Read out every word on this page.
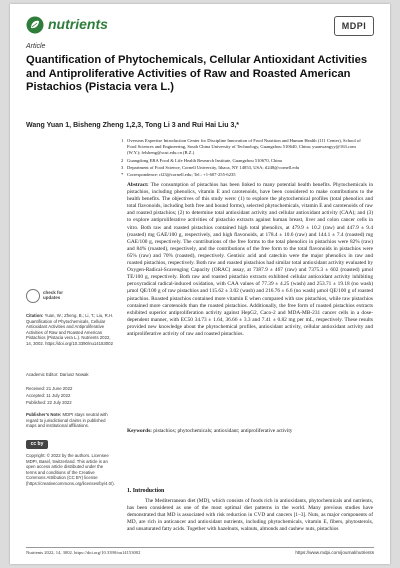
nutrients	MDPI
Article
Quantification of Phytochemicals, Cellular Antioxidant Activities and Antiproliferative Activities of Raw and Roasted American Pistachios (Pistacia vera L.)
Wang Yuan 1, Bisheng Zheng 1,2,3, Tong Li 3 and Rui Hai Liu 3,*
1 Overseas Expertise Introduction Center for Discipline Innovation of Food Nutrition and Human Health (111 Center), School of Food Sciences and Engineering, South China University of Technology, Guangzhou 510640, China; yuanwangyy@163.com (W.Y.); felsheng@scut.edu.cn (B.Z.)
2 Guangdong ERA Food & Life Health Research Institute, Guangzhou 510670, China
3 Department of Food Science, Cornell University, Ithaca, NY 14853, USA; tl248@cornell.edu
* Correspondence: rl23@cornell.edu; Tel.: +1-607-255-6235
Abstract: The consumption of pistachios has been linked to many potential health benefits. Phytochemicals in pistachios, including phenolics, vitamin E and carotenoids, have been considered to make contributions to the health benefits. The objectives of this study were: (1) to explore the phytochemical profiles (total phenolics and total flavonoids, including both free and bound forms), selected phytochemicals, vitamin E and carotenoids of raw and roasted pistachios; (2) to determine total antioxidant activity and cellular antioxidant activity (CAA); and (3) to explore antiproliferative activities of pistachio extracts against human breast, liver and colon cancer cells in vitro. Both raw and roasted pistachios contained high total phenolics, at 479.9 ± 10.2 (raw) and 447.9 ± 9.4 (roasted) mg GAE/100 g, respectively, and high flavonoids, at 178.4 ± 10.6 (raw) and 144.1 ± 7.4 (roasted) mg GAE/100 g, respectively. The contributions of the free forms to the total phenolics in pistachios were 82% (raw) and 84% (roasted), respectively, and the contributions of the free form to the total flavonoids in pistachios were 65% (raw) and 70% (roasted), respectively. Gentisic acid and catechin were the major phenolics in raw and roasted pistachios, respectively. Both raw and roasted pistachios had similar total antioxidant activity evaluated by Oxygen-Radical-Scavenging Capacity (ORAC) assay, at 7387.9 ± 467 (raw) and 7375.3 ± 602 (roasted) µmol TE/100 g, respectively. Both raw and roasted pistachio extracts exhibited cellular antioxidant activity inhibiting peroxyradical radical-induced oxidation, with CAA values of 77.39 ± 4.25 (wash) and 253.71 ± 19.18 (no wash) µmol QE/100 g of raw pistachios and 115.62 ± 3.02 (wash) and 216.76 ± 6.6 (no wash) µmol QE/100 g of roasted pistachios. Roasted pistachios contained more vitamin E when compared with raw pistachios, while raw pistachios contained more carotenoids than the roasted pistachios. Additionally, the free form of roasted pistachios extracts exhibited superior antiproliferation activity against HepG2, Caco-2 and MDA-MB-231 cancer cells in a dose-dependent manner, with EC50 34.73 ± 1.64, 36.66 ± 3.3 and 7.41 ± 0.82 mg per mL, respectively. These results provided new knowledge about the phytochemical profiles, antioxidant activity, cellular antioxidant activity and antiproliferative activity of raw and roasted pistachios.
Keywords: pistachios; phytochemicals; antioxidant; antiproliferative activity
check for updates
Citation: Yuan, W.; Zheng, B.; Li, T.; Liu, R.H. Quantification of Phytochemicals, Cellular Antioxidant Activities and Antiproliferative Activities of Raw and Roasted American Pistachios (Pistacia vera L.). Nutrients 2022, 14, 3002. https://doi.org/10.3390/nu14153002
Academic Editor: Dariusz Nowak
Received: 21 June 2022
Accepted: 11 July 2022
Published: 22 July 2022
Publisher’s Note: MDPI stays neutral with regard to jurisdictional claims in published maps and institutional affiliations.
cc by
Copyright: © 2022 by the authors. Licensee MDPI, Basel, Switzerland. This article is an open access article distributed under the terms and conditions of the Creative Commons Attribution (CC BY) license (https://creativecommons.org/licenses/by/4.0/).
1. Introduction
The Mediterranean diet (MD), which consists of foods rich in antioxidants, phytochemicals and nutrients, has been considered as one of the most optimal diet patterns in the world. Many previous studies have demonstrated that MD is associated with risk reduction in CVD and cancers [1–3]. Nuts, as major components of MD, are rich in anticancer and antioxidant nutrients, including phytochemicals, vitamin E, fibers, phytosterols, and unsaturated fatty acids. Together with hazelnuts, walnuts, almonds and cashew nuts, pistachios
Nutrients 2022, 14, 3002. https://doi.org/10.3390/nu14153002	https://www.mdpi.com/journal/nutrients
